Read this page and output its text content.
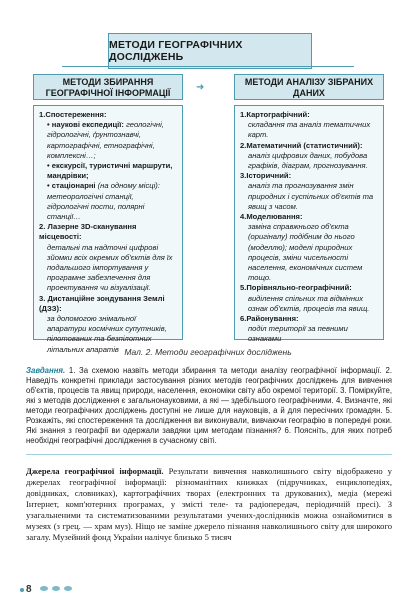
МЕТОДИ ГЕОГРАФІЧНИХ ДОСЛІДЖЕНЬ
МЕТОДИ ЗБИРАННЯ ГЕОГРАФІЧНОЇ ІНФОРМАЦІЇ
МЕТОДИ АНАЛІЗУ ЗІБРАНИХ ДАНИХ
➜
1.Спостереження:
• наукові експедиції: геологічні, гідрологічні, ґрунтознавчі, картографічні, етнографічні, комплексні…;
• екскурсії, туристичні маршрути, мандрівки;
• стаціонарні (на одному місці): метеорологічні станції, гідрологічні пости, полярні станції…
2. Лазерне 3D-сканування місцевості:
детальні та надточні цифрові зйомки всіх окремих об'єктів для їх подальшого імпортування у програмне забезпечення для проектування чи візуалізації.
3. Дистанційне зондування Землі (ДЗЗ):
за допомогою знімальної апаратури космічних супутників, пілотованих та безпілотних літальних апаратів
1.Картографічний:
складання та аналіз тематичних карт.
2.Математичний (статистичний):
аналіз цифрових даних, побудова графіків, діаграм, прогнозування.
3.Історичний:
аналіз та прогнозування змін природних і суспільних об'єктів та явищ з часом.
4.Моделювання:
заміна справжнього об'єкта (оригіналу) подібним до нього (моделлю); моделі природних процесів, зміни чисельності населення, економічних систем тощо.
5.Порівняльно-географічний:
виділення спільних та відмінних ознак об'єктів, процесів та явищ.
6.Районування:
поділ території за певними ознаками
Мал. 2. Методи географічних досліджень
Завдання. 1. За схемою назвіть методи збирання та методи аналізу географічної інформації. 2. Наведіть конкретні приклади застосування різних методів географічних досліджень для вивчення об'єктів, процесів та явищ природи, населення, економіки світу або окремої території. 3. Поміркуйте, які з методів дослідження є загальнонауковими, а які — здебільшого географічними. 4. Визначте, які методи географічних досліджень доступні не лише для науковців, а й для пересічних громадян. 5. Розкажіть, які спостереження та дослідження ви виконували, вивчаючи географію в попередні роки. Які знання з географії ви одержали завдяки цим методам пізнання? 6. Поясніть, для яких потреб необхідні географічні дослідження в сучасному світі.
Джерела географічної інформації. Результати вивчення навколишнього світу відображено у джерелах географічної інформації: різноманітних книжках (підручниках, енциклопедіях, довідниках, словниках), картографічних творах (електронних та друкованих), медіа (мережі Інтернет, комп'ютерних програмах, у змісті теле- та радіопередач, періодичній пресі). З узагальненими та систематизованими результатами учених-дослідників можна ознайомитися в музеях (з грец. — храм муз). Ніщо не заміне джерело пізнання навколишнього світу для широкого загалу. Музейний фонд України налічує близько 5 тисяч
8
